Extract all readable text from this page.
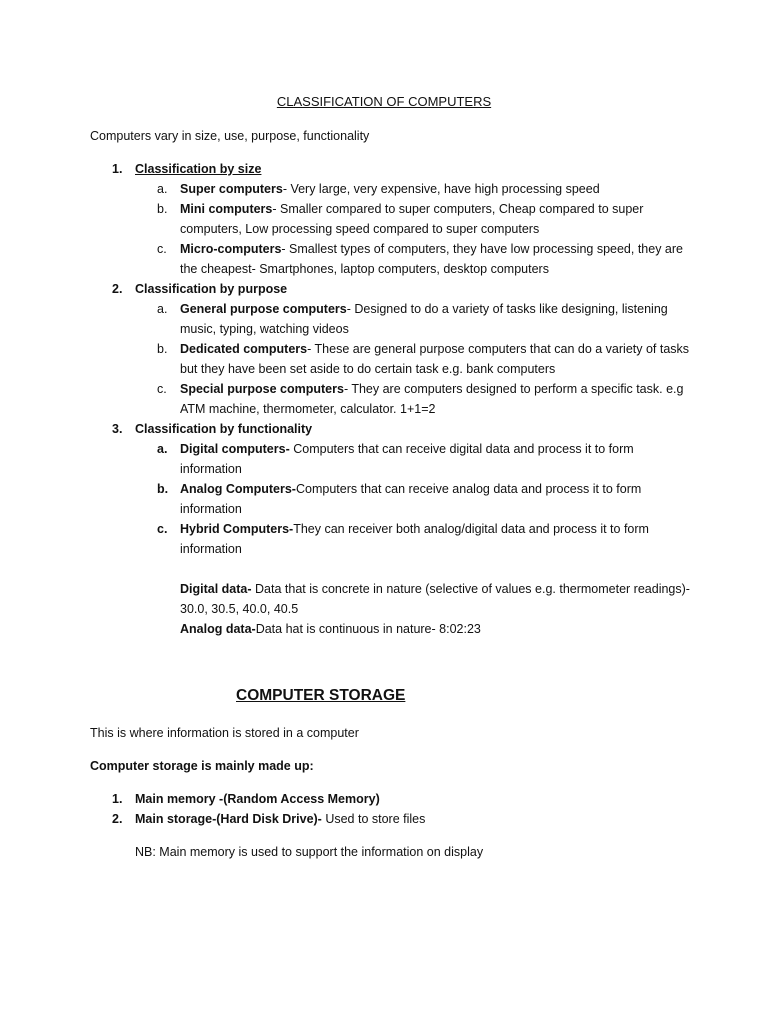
CLASSIFICATION OF COMPUTERS
Computers vary in size, use, purpose, functionality
1. Classification by size
a. Super computers- Very large, very expensive, have high processing speed
b. Mini computers- Smaller compared to super computers, Cheap compared to super computers, Low processing speed compared to super computers
c. Micro-computers- Smallest types of computers, they have low processing speed, they are the cheapest- Smartphones, laptop computers, desktop computers
2. Classification by purpose
a. General purpose computers- Designed to do a variety of tasks like designing, listening music, typing, watching videos
b. Dedicated computers- These are general purpose computers that can do a variety of tasks but they have been set aside to do certain task e.g. bank computers
c. Special purpose computers- They are computers designed to perform a specific task. e.g ATM machine, thermometer, calculator. 1+1=2
3. Classification by functionality
a. Digital computers- Computers that can receive digital data and process it to form information
b. Analog Computers-Computers that can receive analog data and process it to form information
c. Hybrid Computers-They can receiver both analog/digital data and process it to form information
Digital data- Data that is concrete in nature (selective of values e.g. thermometer readings)- 30.0, 30.5, 40.0, 40.5
Analog data-Data hat is continuous in nature- 8:02:23
COMPUTER STORAGE
This is where information is stored in a computer
Computer storage is mainly made up:
1. Main memory -(Random Access Memory)
2. Main storage-(Hard Disk Drive)- Used to store files
NB: Main memory is used to support the information on display
